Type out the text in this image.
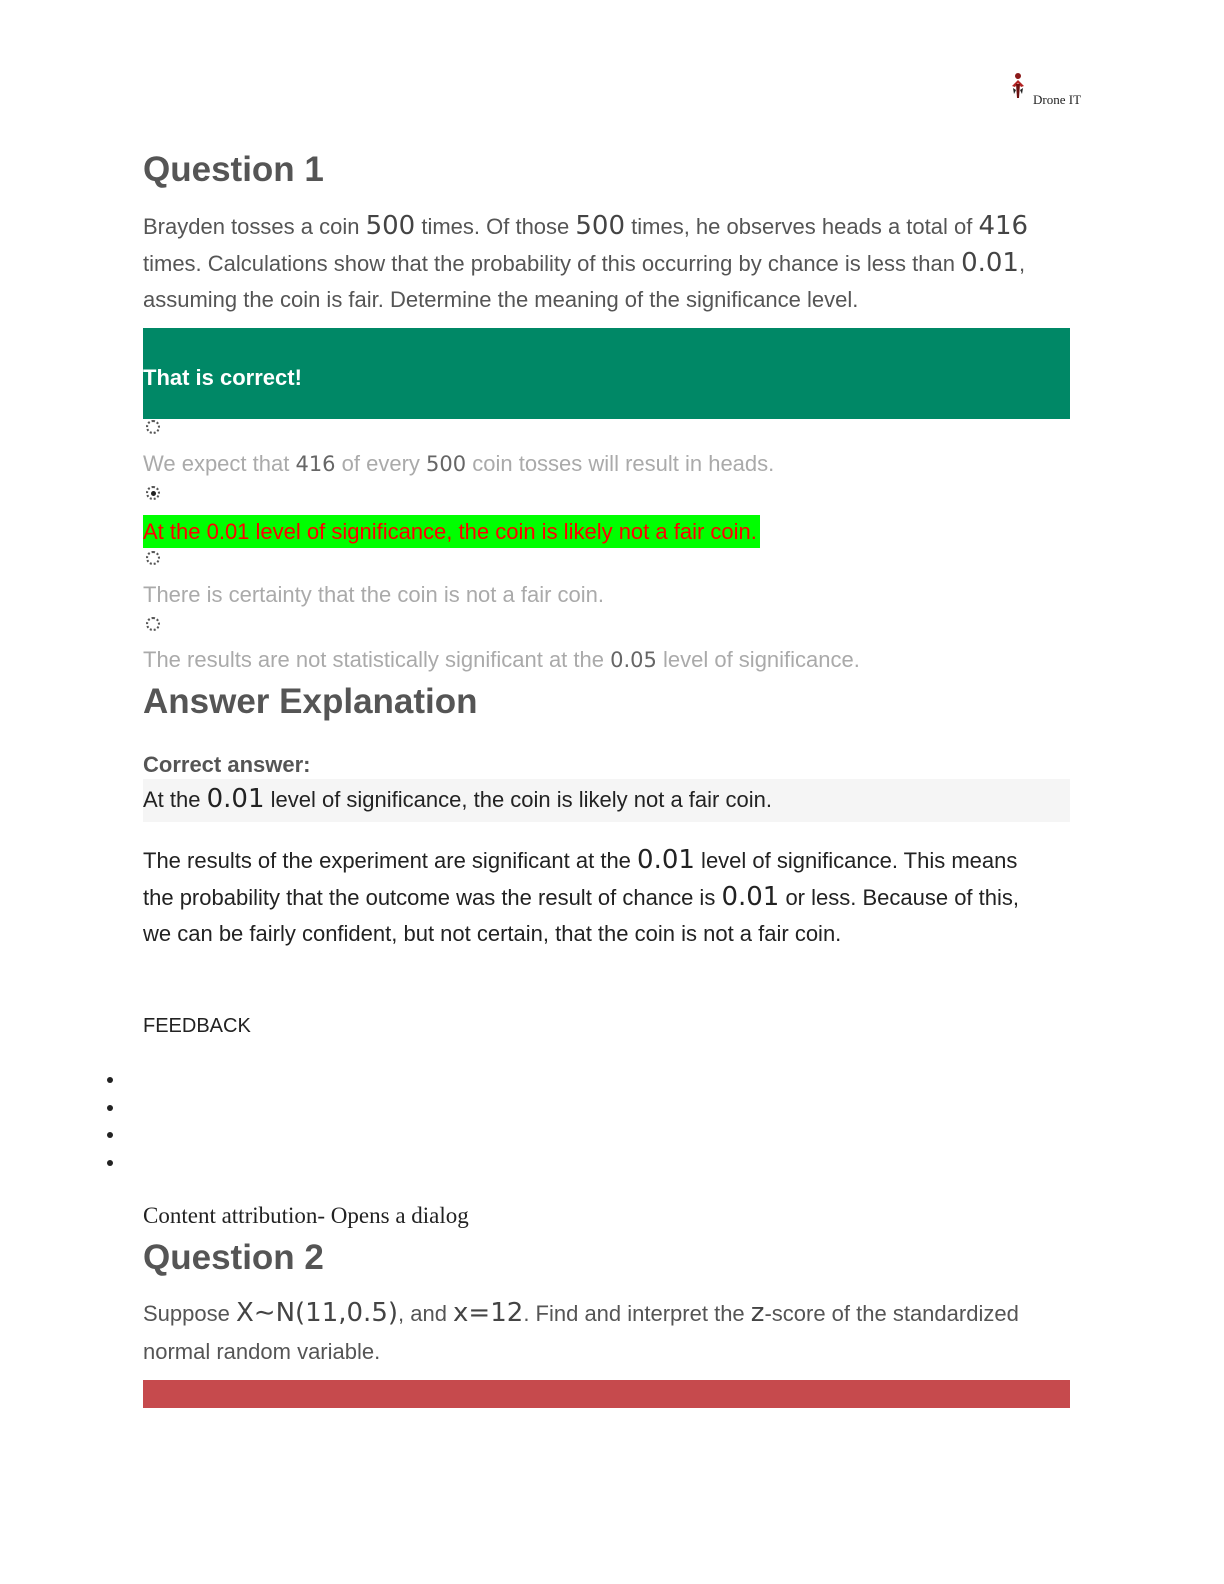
Drone IT
Question 1
Brayden tosses a coin 500 times. Of those 500 times, he observes heads a total of 416 times. Calculations show that the probability of this occurring by chance is less than 0.01, assuming the coin is fair. Determine the meaning of the significance level.
That is correct!
We expect that 416 of every 500 coin tosses will result in heads.
At the 0.01 level of significance, the coin is likely not a fair coin.
There is certainty that the coin is not a fair coin.
The results are not statistically significant at the 0.05 level of significance.
Answer Explanation
Correct answer:
At the 0.01 level of significance, the coin is likely not a fair coin.
The results of the experiment are significant at the 0.01 level of significance. This means the probability that the outcome was the result of chance is 0.01 or less. Because of this, we can be fairly confident, but not certain, that the coin is not a fair coin.
FEEDBACK
Content attribution- Opens a dialog
Question 2
Suppose X∼N(11,0.5), and x=12. Find and interpret the z-score of the standardized normal random variable.
